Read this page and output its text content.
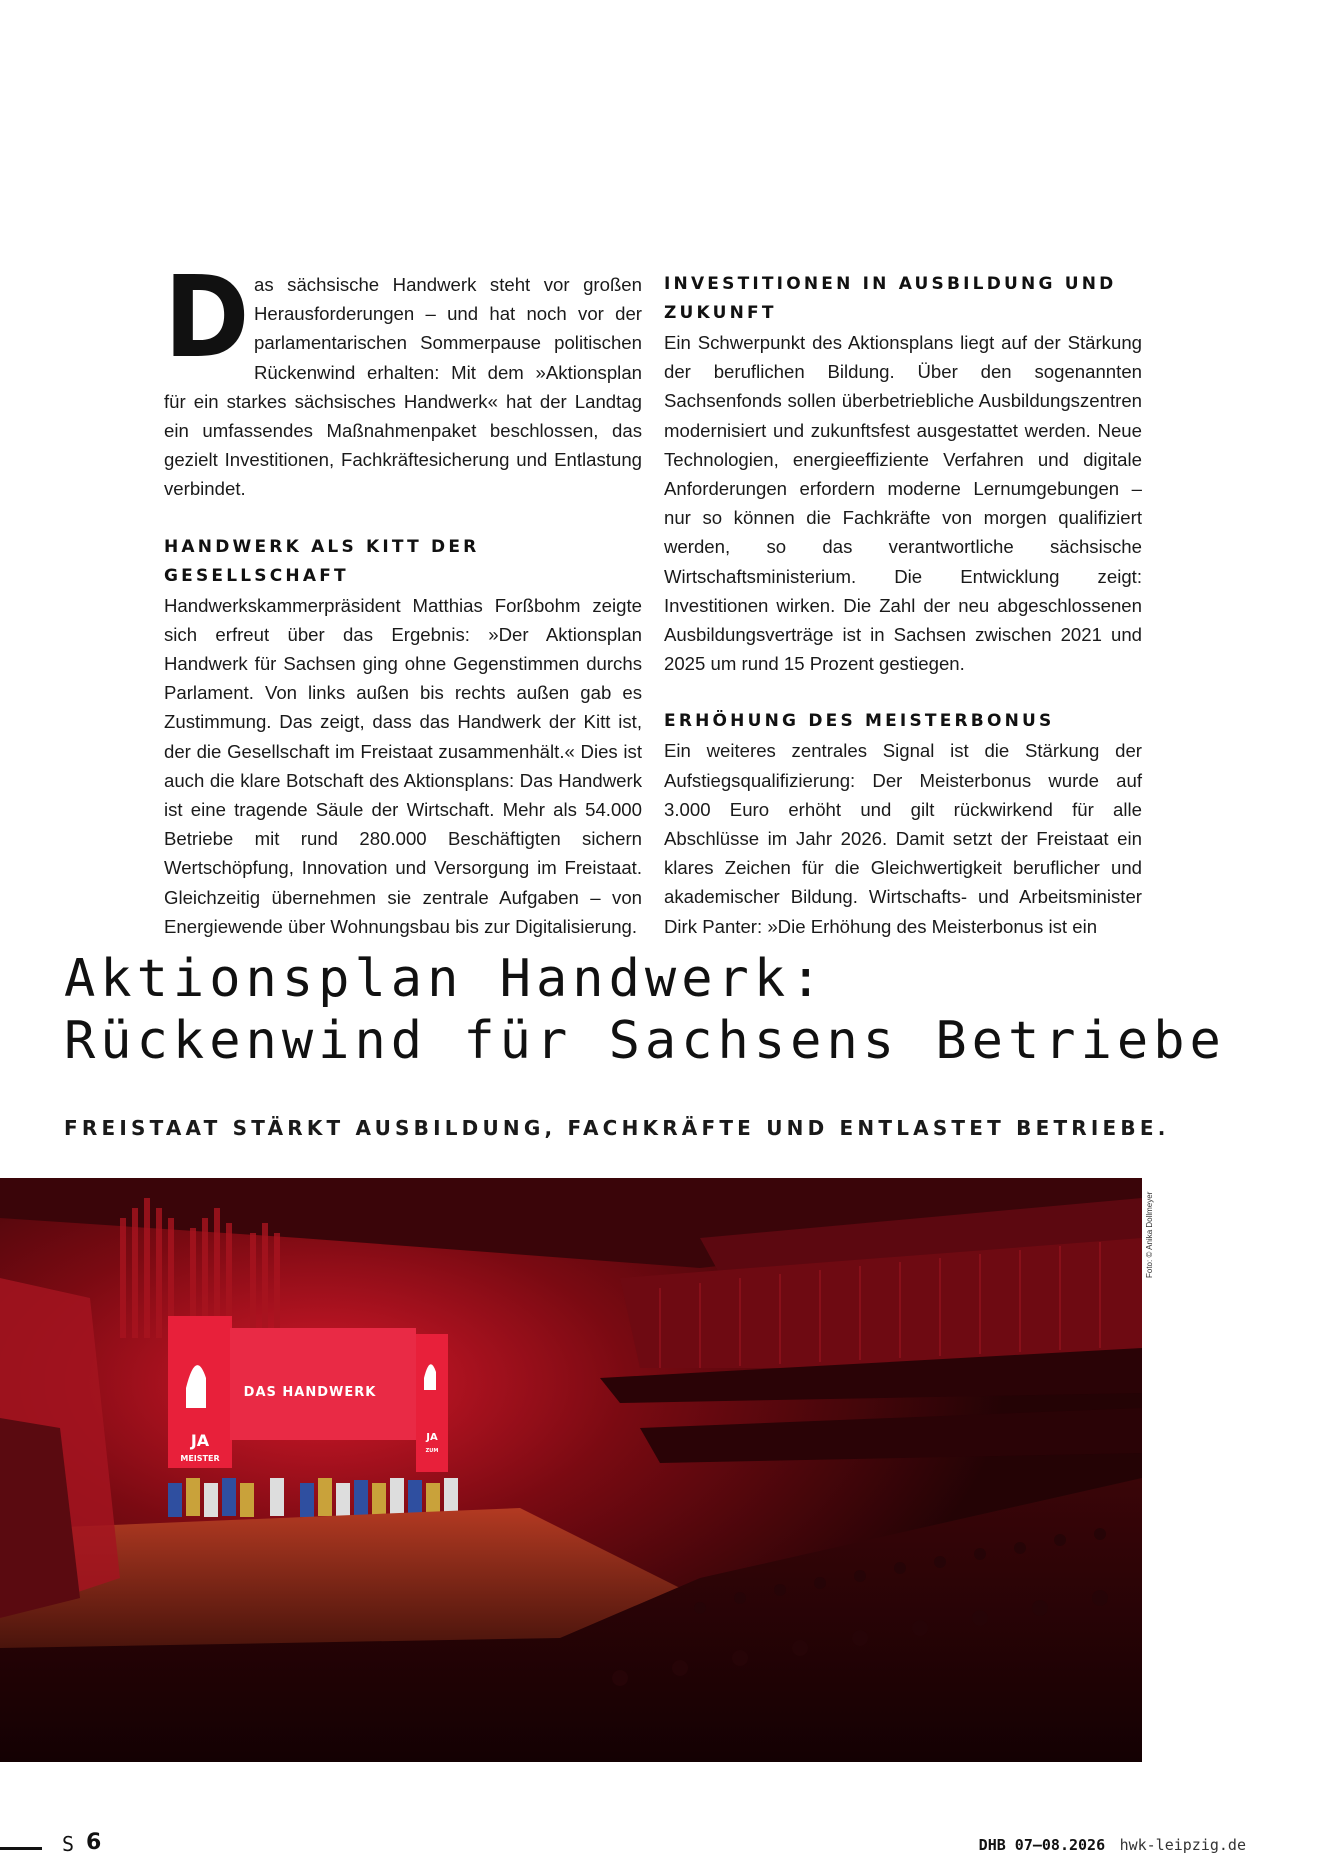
D as sächsische Handwerk steht vor großen Herausforderungen – und hat noch vor der parlamentarischen Sommerpause politischen Rückenwind erhalten: Mit dem »Aktionsplan für ein starkes sächsisches Handwerk« hat der Landtag ein umfassendes Maßnahmenpaket beschlossen, das gezielt Investitionen, Fachkräftesicherung und Entlastung verbindet.

HANDWERK ALS KITT DER GESELLSCHAFT

Handwerkskammerpräsident Matthias Forßbohm zeigte sich erfreut über das Ergebnis: »Der Aktionsplan Handwerk für Sachsen ging ohne Gegenstimmen durchs Parlament. Von links außen bis rechts außen gab es Zustimmung. Das zeigt, dass das Handwerk der Kitt ist, der die Gesellschaft im Freistaat zusammenhält.« Dies ist auch die klare Botschaft des Aktionsplans: Das Handwerk ist eine tragende Säule der Wirtschaft. Mehr als 54.000 Betriebe mit rund 280.000 Beschäftigten sichern Wertschöpfung, Innovation und Versorgung im Freistaat. Gleichzeitig übernehmen sie zentrale Aufgaben – von Energiewende über Wohnungsbau bis zur Digitalisierung.

INVESTITIONEN IN AUSBILDUNG UND ZUKUNFT

Ein Schwerpunkt des Aktionsplans liegt auf der Stärkung der beruflichen Bildung. Über den sogenannten Sachsenfonds sollen überbetriebliche Ausbildungszentren modernisiert und zukunftsfest ausgestattet werden. Neue Technologien, energieeffiziente Verfahren und digitale Anforderungen erfordern moderne Lernumgebungen – nur so können die Fachkräfte von morgen qualifiziert werden, so das verantwortliche sächsische Wirtschaftsministerium. Die Entwicklung zeigt: Investitionen wirken. Die Zahl der neu abgeschlossenen Ausbildungsverträge ist in Sachsen zwischen 2021 und 2025 um rund 15 Prozent gestiegen.

ERHÖHUNG DES MEISTERBONUS

Ein weiteres zentrales Signal ist die Stärkung der Aufstiegsqualifizierung: Der Meisterbonus wurde auf 3.000 Euro erhöht und gilt rückwirkend für alle Abschlüsse im Jahr 2026. Damit setzt der Freistaat ein klares Zeichen für die Gleichwertigkeit beruflicher und akademischer Bildung. Wirtschafts- und Arbeitsminister Dirk Panter: »Die Erhöhung des Meisterbonus ist ein

Aktionsplan Handwerk:
Rückenwind für Sachsens Betriebe

FREISTAAT STÄRKT AUSBILDUNG, FACHKRÄFTE UND ENTLASTET BETRIEBE.

JA
MEISTER
DAS HANDWERK
JA
ZUM
Foto: © Anika Dollmeyer
S 6	DHB 07–08.2026 hwk-leipzig.de
